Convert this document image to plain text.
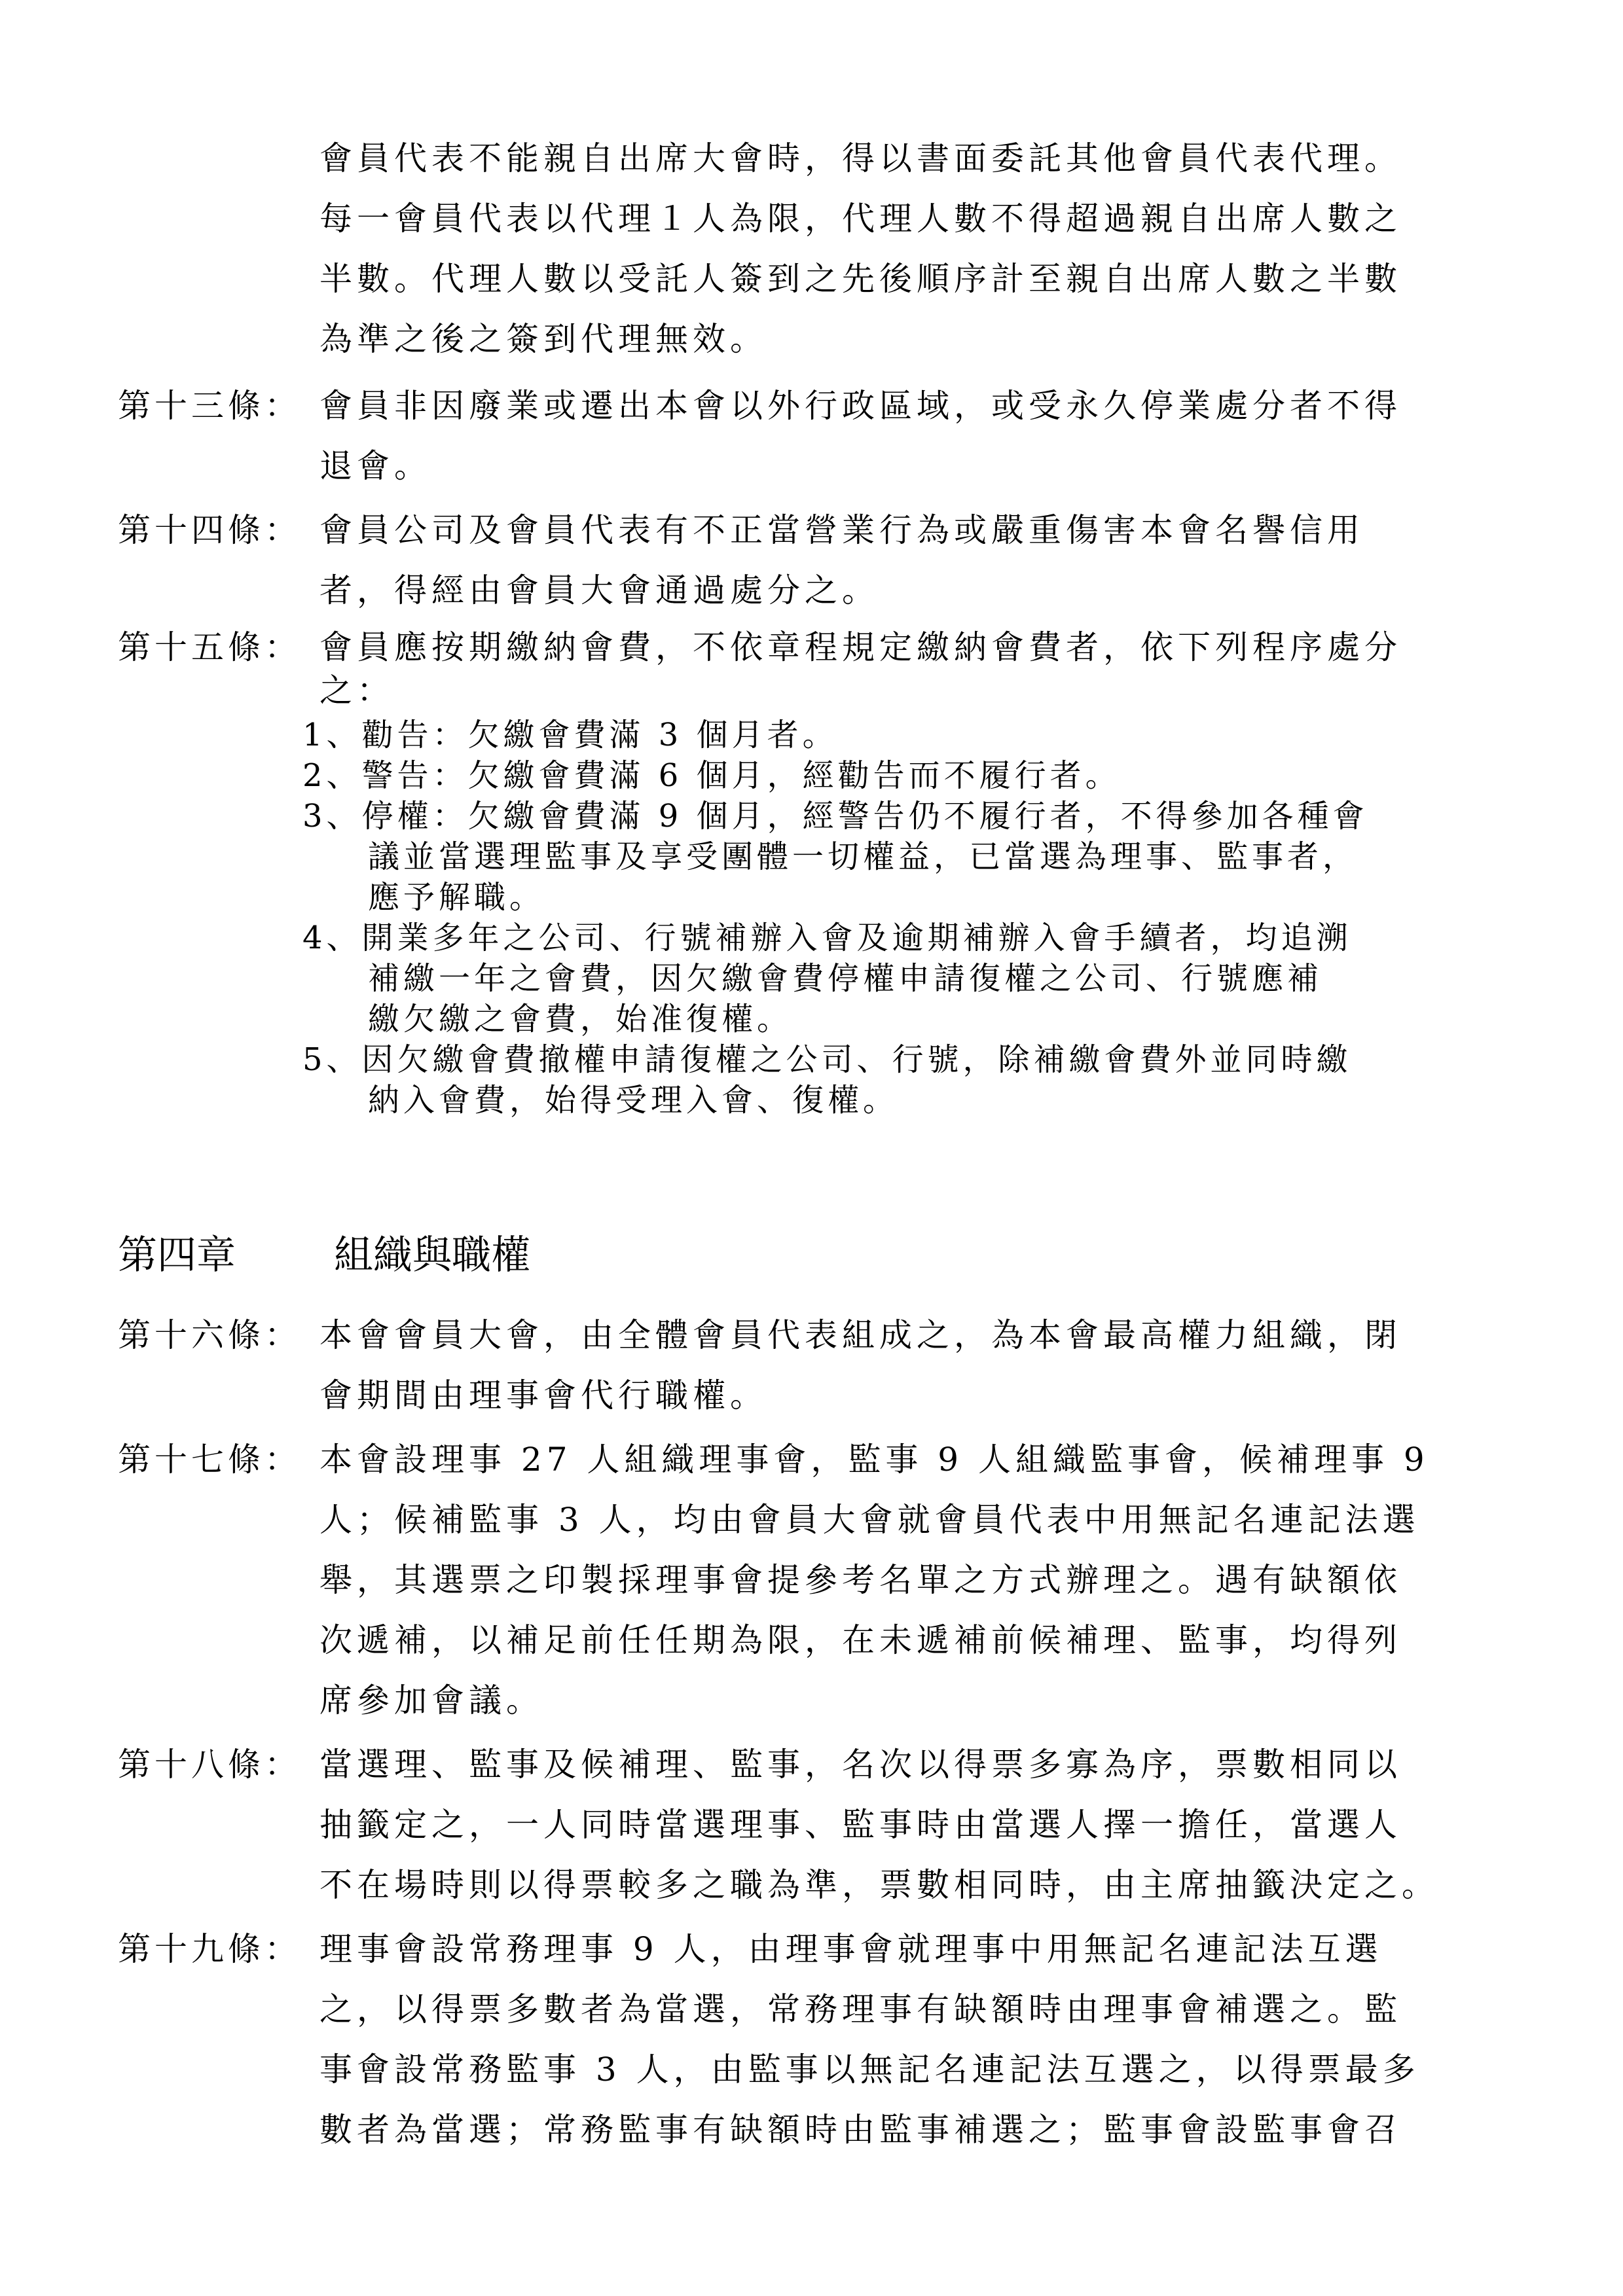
會員代表不能親自出席大會時，得以書面委託其他會員代表代理。
每一會員代表以代理１人為限，代理人數不得超過親自出席人數之
半數。代理人數以受託人簽到之先後順序計至親自出席人數之半數
為準之後之簽到代理無效。
第十三條： 會員非因廢業或遷出本會以外行政區域，或受永久停業處分者不得
退會。
第十四條： 會員公司及會員代表有不正當營業行為或嚴重傷害本會名譽信用
者，得經由會員大會通過處分之。
第十五條： 會員應按期繳納會費，不依章程規定繳納會費者，依下列程序處分
之：
1、勸告：欠繳會費滿 3 個月者。
2、警告：欠繳會費滿 6 個月，經勸告而不履行者。
3、停權：欠繳會費滿 9 個月，經警告仍不履行者，不得參加各種會
議並當選理監事及享受團體一切權益，已當選為理事、監事者，
應予解職。
4、開業多年之公司、行號補辦入會及逾期補辦入會手續者，均追溯
補繳一年之會費，因欠繳會費停權申請復權之公司、行號應補
繳欠繳之會費，始准復權。
5、因欠繳會費撤權申請復權之公司、行號，除補繳會費外並同時繳
納入會費，始得受理入會、復權。
第四章	組織與職權
第十六條： 本會會員大會，由全體會員代表組成之，為本會最高權力組織，閉
會期間由理事會代行職權。
第十七條： 本會設理事 27 人組織理事會，監事 9 人組織監事會，候補理事 9
人；候補監事 3 人，均由會員大會就會員代表中用無記名連記法選
舉，其選票之印製採理事會提參考名單之方式辦理之。遇有缺額依
次遞補，以補足前任任期為限，在未遞補前候補理、監事，均得列
席參加會議。
第十八條： 當選理、監事及候補理、監事，名次以得票多寡為序，票數相同以
抽籤定之，一人同時當選理事、監事時由當選人擇一擔任，當選人
不在場時則以得票較多之職為準，票數相同時，由主席抽籤決定之。
第十九條： 理事會設常務理事 9 人，由理事會就理事中用無記名連記法互選
之，以得票多數者為當選，常務理事有缺額時由理事會補選之。監
事會設常務監事 3 人，由監事以無記名連記法互選之，以得票最多
數者為當選；常務監事有缺額時由監事補選之；監事會設監事會召
